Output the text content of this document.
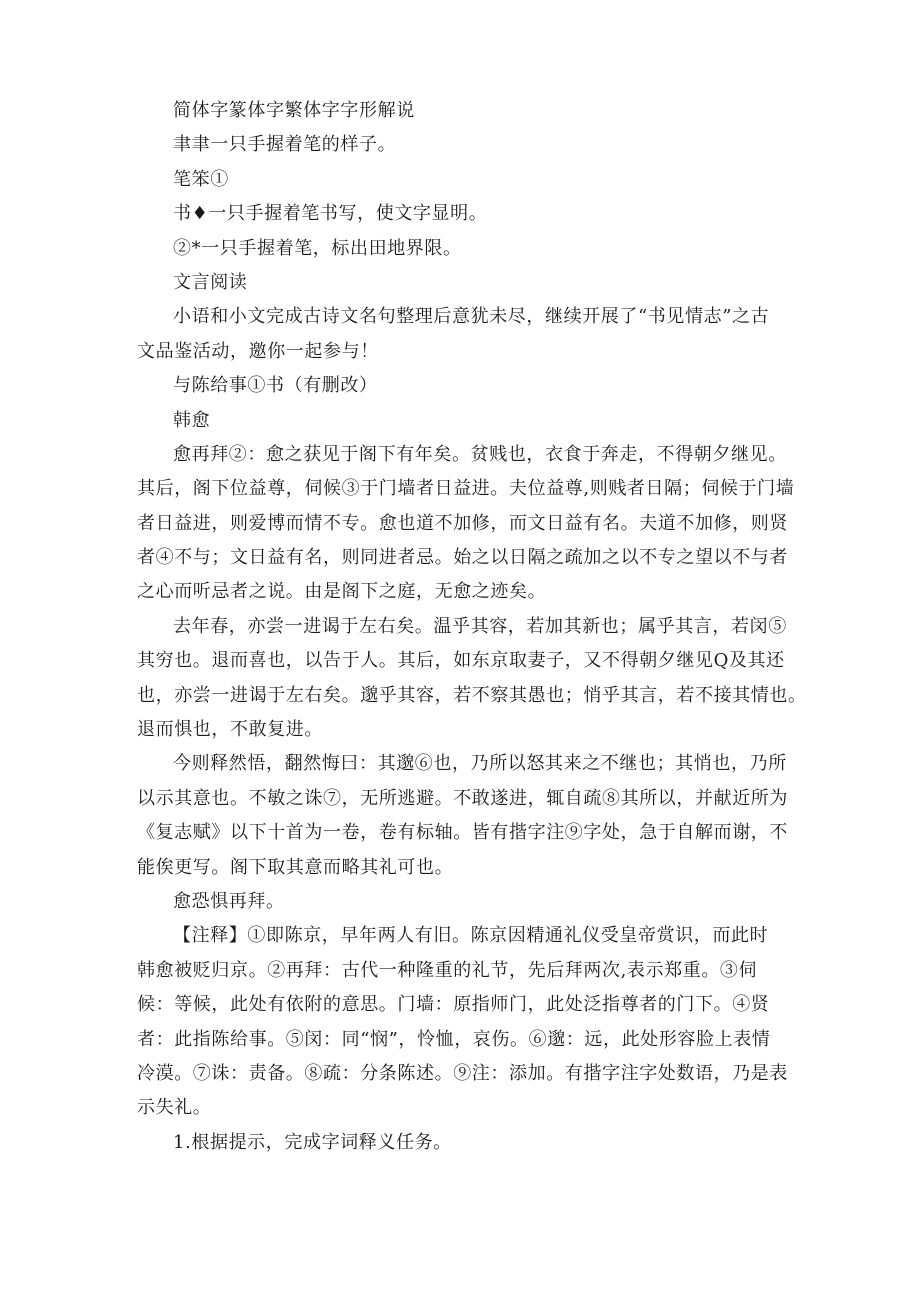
简体字篆体字繁体字字形解说
聿聿一只手握着笔的样子。
笔笨①
书♦一只手握着笔书写，使文字显明。
②*一只手握着笔，标出田地界限。
文言阅读
小语和小文完成古诗文名句整理后意犹未尽，继续开展了“书见情志”之古
文品鉴活动，邀你一起参与！
与陈给事①书（有删改）
韩愈
愈再拜②：愈之获见于阁下有年矣。贫贱也，衣食于奔走，不得朝夕继见。
其后，阁下位益尊，伺候③于门墙者日益进。夫位益尊,则贱者日隔；伺候于门墙
者日益进，则爱博而情不专。愈也道不加修，而文日益有名。夫道不加修，则贤
者④不与；文日益有名，则同进者忌。始之以日隔之疏加之以不专之望以不与者
之心而听忌者之说。由是阁下之庭，无愈之迹矣。
去年春，亦尝一进谒于左右矣。温乎其容，若加其新也；属乎其言，若闵⑤
其穷也。退而喜也，以告于人。其后，如东京取妻子，又不得朝夕继见Q及其还
也，亦尝一进谒于左右矣。邈乎其容，若不察其愚也；悄乎其言，若不接其情也。
退而惧也，不敢复进。
今则释然悟，翻然悔曰：其邈⑥也，乃所以怒其来之不继也；其悄也，乃所
以示其意也。不敏之诛⑦，无所逃避。不敢遂进，辄自疏⑧其所以，并献近所为
《复志赋》以下十首为一卷，卷有标轴。皆有揩字注⑨字处，急于自解而谢，不
能俟更写。阁下取其意而略其礼可也。
愈恐惧再拜。
【注释】①即陈京，早年两人有旧。陈京因精通礼仪受皇帝赏识，而此时
韩愈被贬归京。②再拜：古代一种隆重的礼节，先后拜两次,表示郑重。③伺
候：等候，此处有依附的意思。门墙：原指师门，此处泛指尊者的门下。④贤
者：此指陈给事。⑤闵：同“悯”，怜恤，哀伤。⑥邈：远，此处形容脸上表情
冷漠。⑦诛：责备。⑧疏：分条陈述。⑨注：添加。有揩字注字处数语，乃是表
示失礼。
1.根据提示，完成字词释义任务。
